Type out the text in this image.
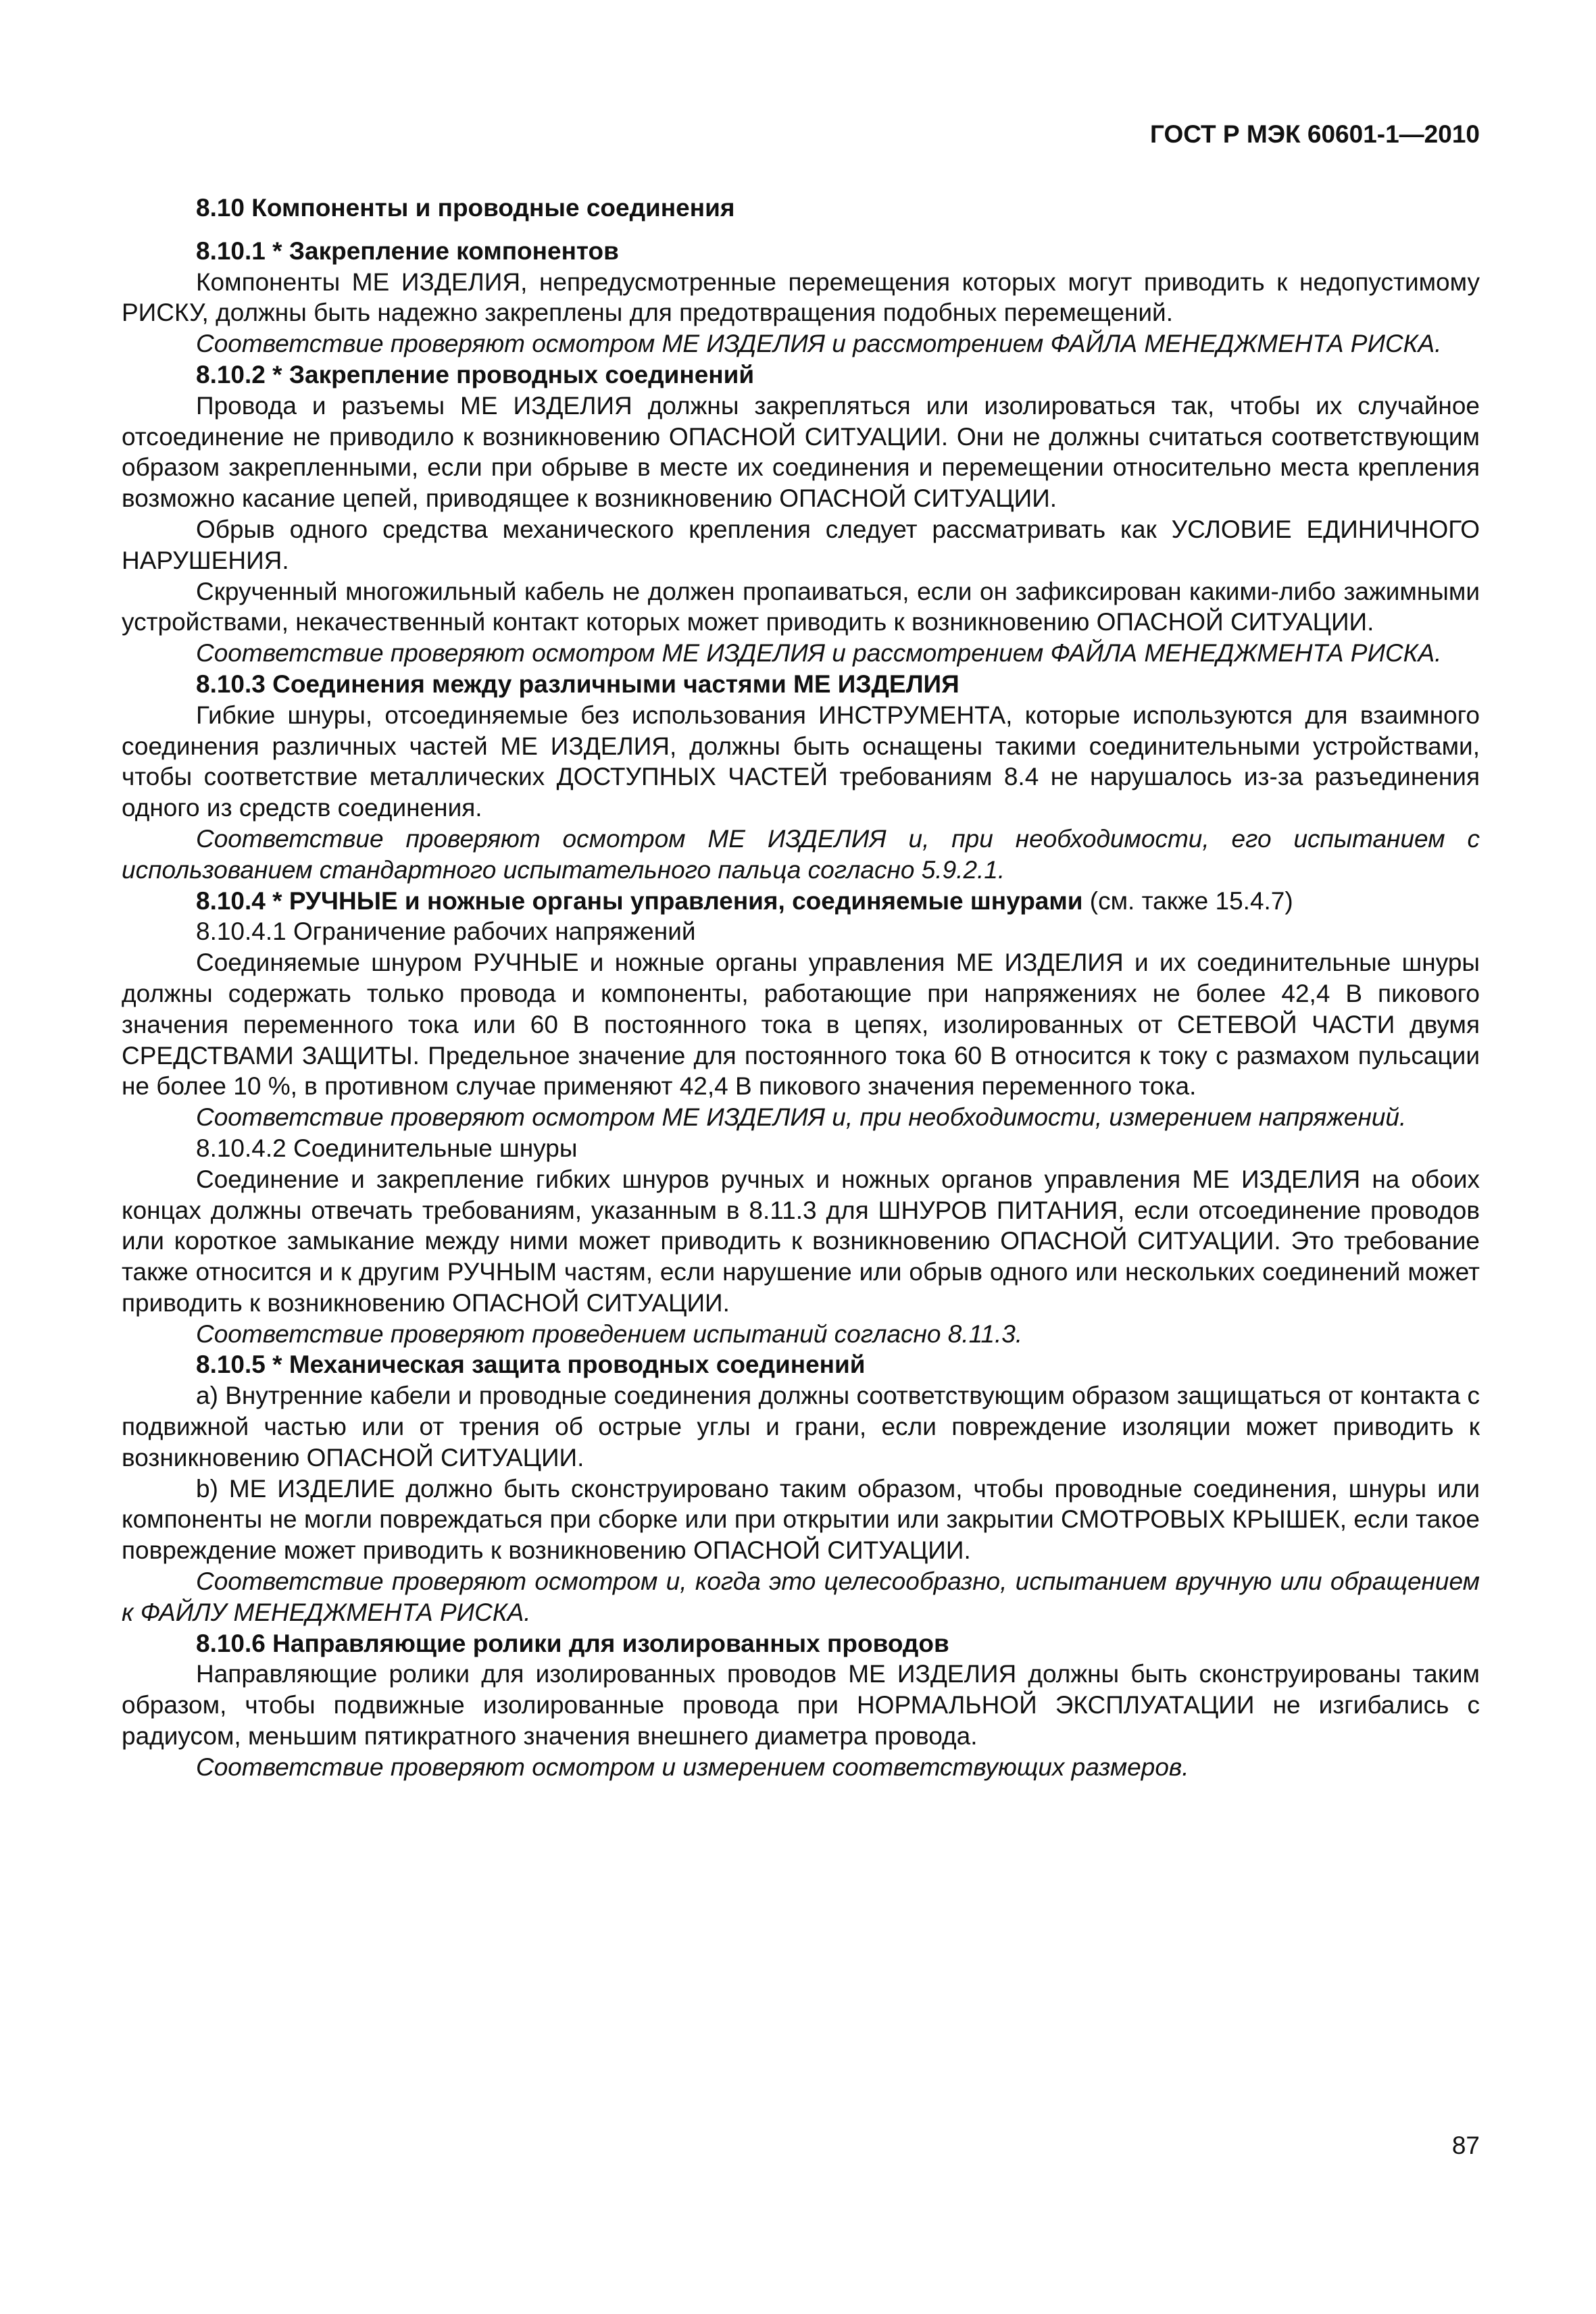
ГОСТ Р МЭК 60601-1—2010

8.10 Компоненты и проводные соединения

8.10.1 * Закрепление компонентов

Компоненты МЕ ИЗДЕЛИЯ, непредусмотренные перемещения которых могут приводить к недопустимому РИСКУ, должны быть надежно закреплены для предотвращения подобных перемещений.

Соответствие проверяют осмотром МЕ ИЗДЕЛИЯ и рассмотрением ФАЙЛА МЕНЕДЖМЕНТА РИСКА.

8.10.2 * Закрепление проводных соединений

Провода и разъемы МЕ ИЗДЕЛИЯ должны закрепляться или изолироваться так, чтобы их случайное отсоединение не приводило к возникновению ОПАСНОЙ СИТУАЦИИ. Они не должны считаться соответствующим образом закрепленными, если при обрыве в месте их соединения и перемещении относительно места крепления возможно касание цепей, приводящее к возникновению ОПАСНОЙ СИТУАЦИИ.

Обрыв одного средства механического крепления следует рассматривать как УСЛОВИЕ ЕДИНИЧНОГО НАРУШЕНИЯ.

Скрученный многожильный кабель не должен пропаиваться, если он зафиксирован какими-либо зажимными устройствами, некачественный контакт которых может приводить к возникновению ОПАСНОЙ СИТУАЦИИ.

Соответствие проверяют осмотром МЕ ИЗДЕЛИЯ и рассмотрением ФАЙЛА МЕНЕДЖМЕНТА РИСКА.

8.10.3 Соединения между различными частями МЕ ИЗДЕЛИЯ

Гибкие шнуры, отсоединяемые без использования ИНСТРУМЕНТА, которые используются для взаимного соединения различных частей МЕ ИЗДЕЛИЯ, должны быть оснащены такими соединительными устройствами, чтобы соответствие металлических ДОСТУПНЫХ ЧАСТЕЙ требованиям 8.4 не нарушалось из-за разъединения одного из средств соединения.

Соответствие проверяют осмотром МЕ ИЗДЕЛИЯ и, при необходимости, его испытанием с использованием стандартного испытательного пальца согласно 5.9.2.1.

8.10.4 * РУЧНЫЕ и ножные органы управления, соединяемые шнурами (см. также 15.4.7)

8.10.4.1 Ограничение рабочих напряжений

Соединяемые шнуром РУЧНЫЕ и ножные органы управления МЕ ИЗДЕЛИЯ и их соединительные шнуры должны содержать только провода и компоненты, работающие при напряжениях не более 42,4 В пикового значения переменного тока или 60 В постоянного тока в цепях, изолированных от СЕТЕВОЙ ЧАСТИ двумя СРЕДСТВАМИ ЗАЩИТЫ. Предельное значение для постоянного тока 60 В относится к току с размахом пульсации не более 10 %, в противном случае применяют 42,4 В пикового значения переменного тока.

Соответствие проверяют осмотром МЕ ИЗДЕЛИЯ и, при необходимости, измерением напряжений.

8.10.4.2 Соединительные шнуры

Соединение и закрепление гибких шнуров ручных и ножных органов управления МЕ ИЗДЕЛИЯ на обоих концах должны отвечать требованиям, указанным в 8.11.3 для ШНУРОВ ПИТАНИЯ, если отсоединение проводов или короткое замыкание между ними может приводить к возникновению ОПАСНОЙ СИТУАЦИИ. Это требование также относится и к другим РУЧНЫМ частям, если нарушение или обрыв одного или нескольких соединений может приводить к возникновению ОПАСНОЙ СИТУАЦИИ.

Соответствие проверяют проведением испытаний согласно 8.11.3.

8.10.5 * Механическая защита проводных соединений

a) Внутренние кабели и проводные соединения должны соответствующим образом защищаться от контакта с подвижной частью или от трения об острые углы и грани, если повреждение изоляции может приводить к возникновению ОПАСНОЙ СИТУАЦИИ.

b) МЕ ИЗДЕЛИЕ должно быть сконструировано таким образом, чтобы проводные соединения, шнуры или компоненты не могли повреждаться при сборке или при открытии или закрытии СМОТРОВЫХ КРЫШЕК, если такое повреждение может приводить к возникновению ОПАСНОЙ СИТУАЦИИ.

Соответствие проверяют осмотром и, когда это целесообразно, испытанием вручную или обращением к ФАЙЛУ МЕНЕДЖМЕНТА РИСКА.

8.10.6 Направляющие ролики для изолированных проводов

Направляющие ролики для изолированных проводов МЕ ИЗДЕЛИЯ должны быть сконструированы таким образом, чтобы подвижные изолированные провода при НОРМАЛЬНОЙ ЭКСПЛУАТАЦИИ не изгибались с радиусом, меньшим пятикратного значения внешнего диаметра провода.

Соответствие проверяют осмотром и измерением соответствующих размеров.

87
